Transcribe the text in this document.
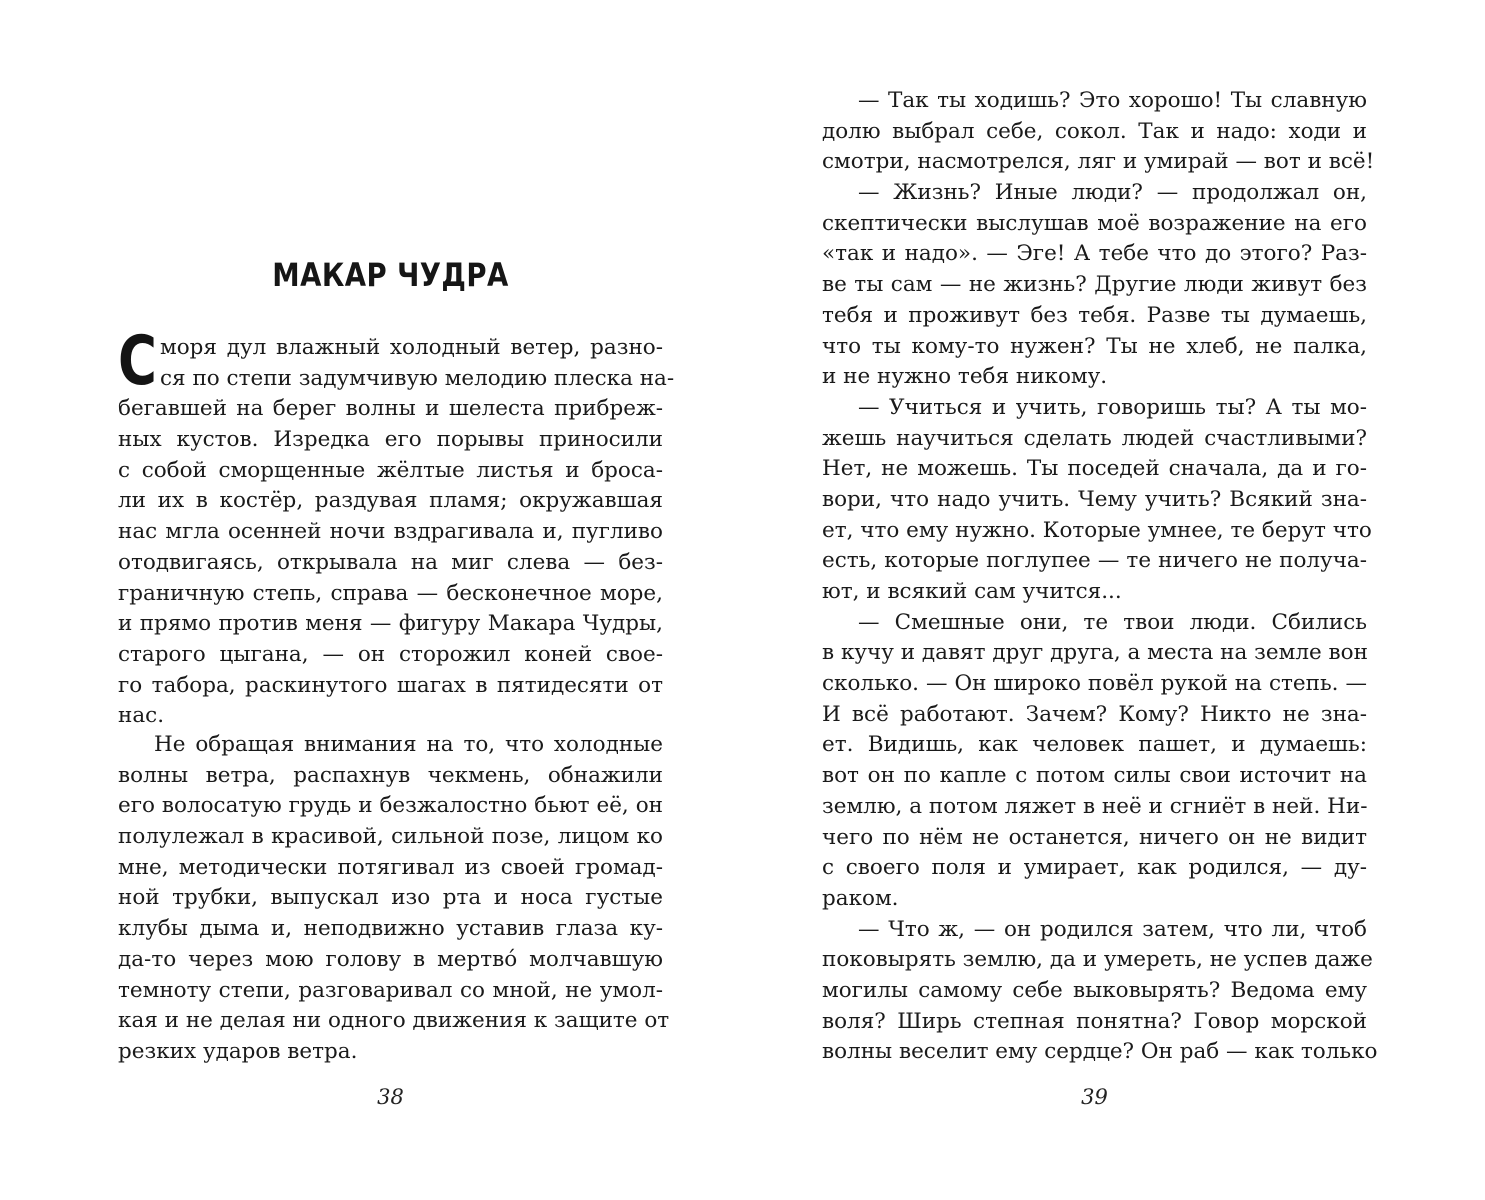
МАКАР ЧУДРА
С моря дул влажный холодный ветер, разно-
ся по степи задумчивую мелодию плеска на-
бегавшей на берег волны и шелеста прибреж-
ных кустов. Изредка его порывы приносили
с собой сморщенные жёлтые листья и броса-
ли их в костёр, раздувая пламя; окружавшая
нас мгла осенней ночи вздрагивала и, пугливо
отодвигаясь, открывала на миг слева — без-
граничную степь, справа — бесконечное море,
и прямо против меня — фигуру Макара Чудры,
старого цыгана, — он сторожил коней свое-
го табора, раскинутого шагах в пятидесяти от
нас.
Не обращая внимания на то, что холодные
волны ветра, распахнув чекмень, обнажили
его волосатую грудь и безжалостно бьют её, он
полулежал в красивой, сильной позе, лицом ко
мне, методически потягивал из своей громад-
ной трубки, выпускал изо рта и носа густые
клубы дыма и, неподвижно уставив глаза ку-
да-то через мою голову в мертвó молчавшую
темноту степи, разговаривал со мной, не умол-
кая и не делая ни одного движения к защите от
резких ударов ветра.
38
— Так ты ходишь? Это хорошо! Ты славную
долю выбрал себе, сокол. Так и надо: ходи и
смотри, насмотрелся, ляг и умирай — вот и всё!
— Жизнь? Иные люди? — продолжал он,
скептически выслушав моё возражение на его
«так и надо». — Эге! А тебе что до этого? Раз-
ве ты сам — не жизнь? Другие люди живут без
тебя и проживут без тебя. Разве ты думаешь,
что ты кому-то нужен? Ты не хлеб, не палка,
и не нужно тебя никому.
— Учиться и учить, говоришь ты? А ты мо-
жешь научиться сделать людей счастливыми?
Нет, не можешь. Ты поседей сначала, да и го-
вори, что надо учить. Чему учить? Всякий зна-
ет, что ему нужно. Которые умнее, те берут что
есть, которые поглупее — те ничего не получа-
ют, и всякий сам учится...
— Смешные они, те твои люди. Сбились
в кучу и давят друг друга, а места на земле вон
сколько. — Он широко повёл рукой на степь. —
И всё работают. Зачем? Кому? Никто не зна-
ет. Видишь, как человек пашет, и думаешь:
вот он по капле с потом силы свои источит на
землю, а потом ляжет в неё и сгниёт в ней. Ни-
чего по нём не останется, ничего он не видит
с своего поля и умирает, как родился, — ду-
раком.
— Что ж, — он родился затем, что ли, чтоб
поковырять землю, да и умереть, не успев даже
могилы самому себе выковырять? Ведома ему
воля? Ширь степная понятна? Говор морской
волны веселит ему сердце? Он раб — как только
39
